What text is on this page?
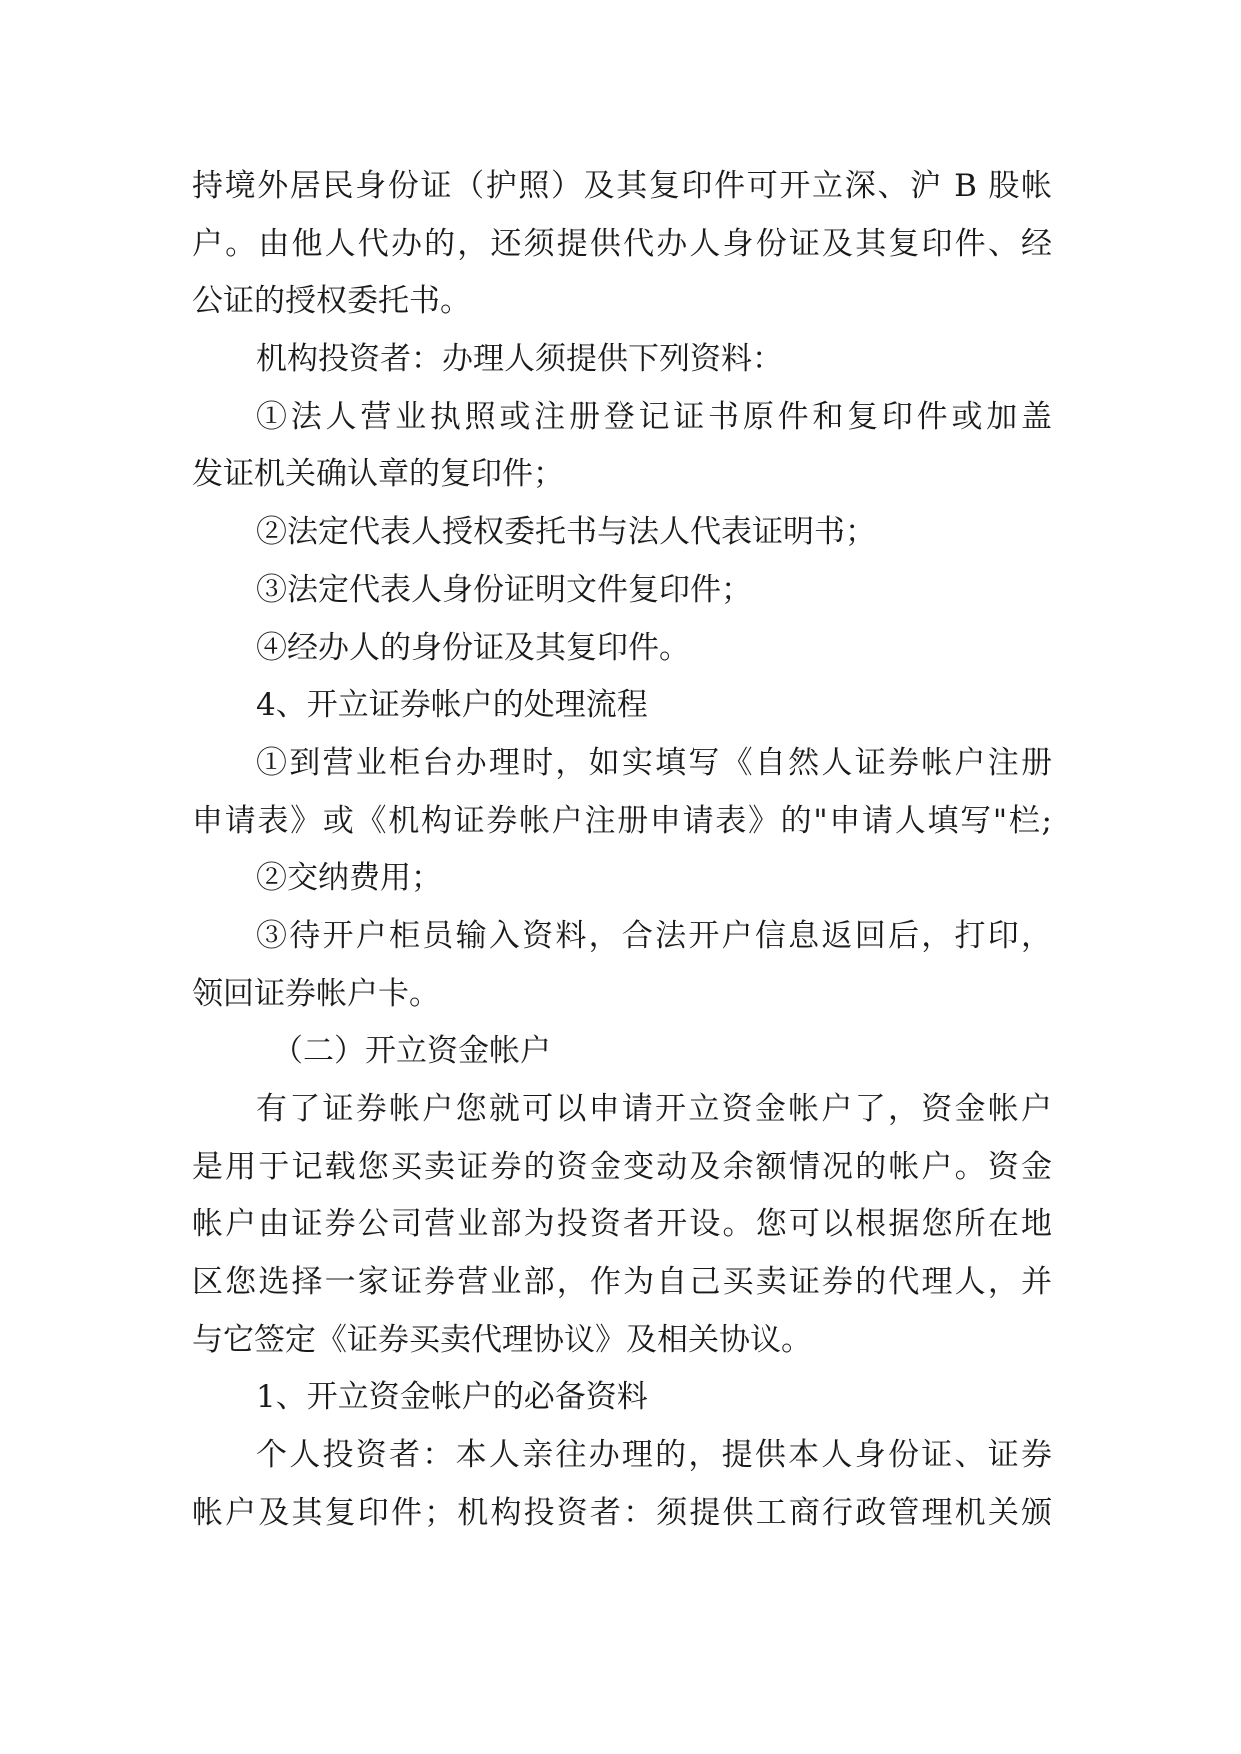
持境外居民身份证（护照）及其复印件可开立深、沪 B 股帐
户。由他人代办的，还须提供代办人身份证及其复印件、经
公证的授权委托书。
机构投资者：办理人须提供下列资料：
①法人营业执照或注册登记证书原件和复印件或加盖
发证机关确认章的复印件；
②法定代表人授权委托书与法人代表证明书；
③法定代表人身份证明文件复印件；
④经办人的身份证及其复印件。
4、开立证券帐户的处理流程
①到营业柜台办理时，如实填写《自然人证券帐户注册
申请表》或《机构证券帐户注册申请表》的"申请人填写"栏;
②交纳费用；
③待开户柜员输入资料，合法开户信息返回后，打印，
领回证券帐户卡。
（二）开立资金帐户
有了证券帐户您就可以申请开立资金帐户了，资金帐户
是用于记载您买卖证券的资金变动及余额情况的帐户。资金
帐户由证券公司营业部为投资者开设。您可以根据您所在地
区您选择一家证券营业部，作为自己买卖证券的代理人，并
与它签定《证券买卖代理协议》及相关协议。
1、开立资金帐户的必备资料
个人投资者：本人亲往办理的，提供本人身份证、证券
帐户及其复印件；机构投资者：须提供工商行政管理机关颁
